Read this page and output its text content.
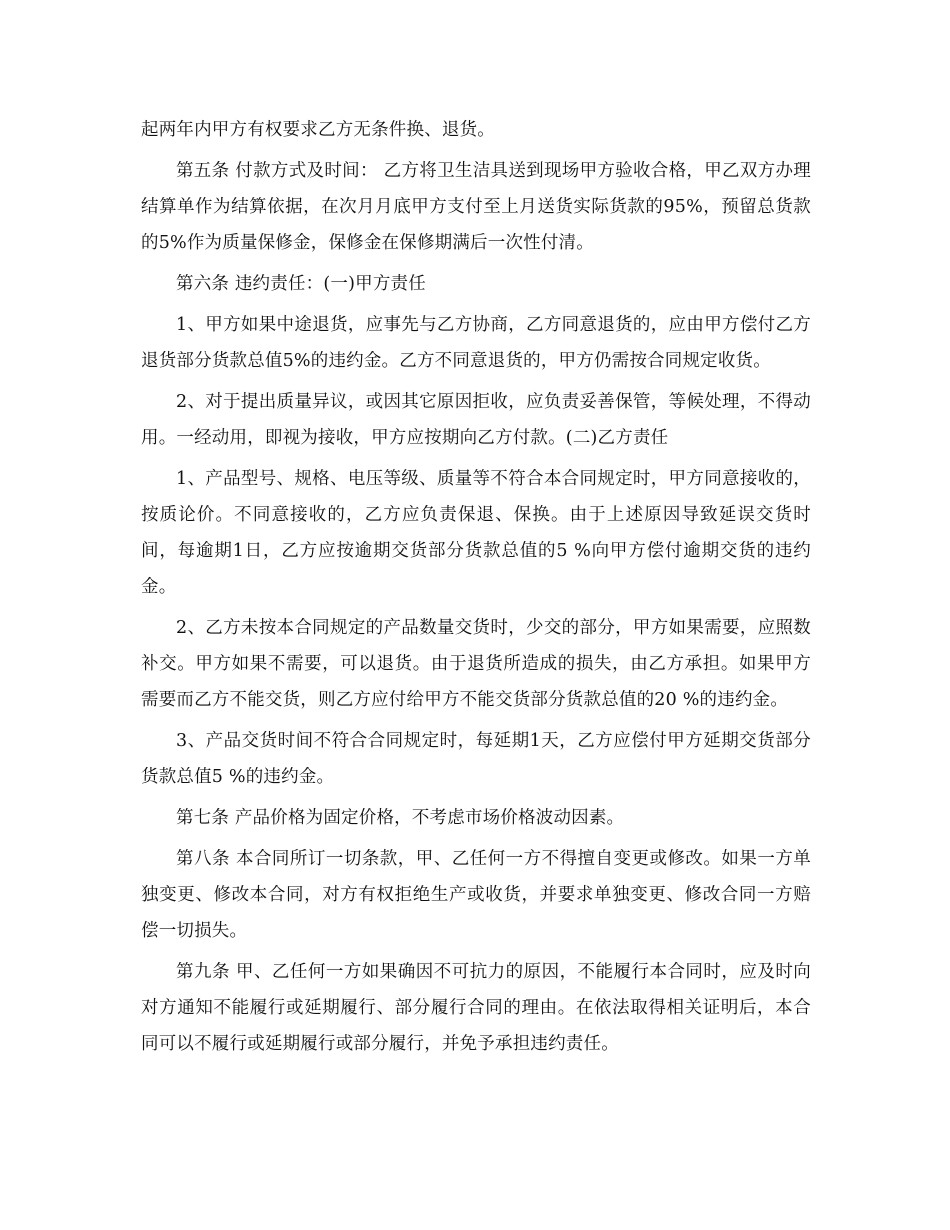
起两年内甲方有权要求乙方无条件换、退货。

第五条 付款方式及时间： 乙方将卫生洁具送到现场甲方验收合格，甲乙双方办理结算单作为结算依据，在次月月底甲方支付至上月送货实际货款的95%，预留总货款的5%作为质量保修金，保修金在保修期满后一次性付清。

第六条 违约责任：(一)甲方责任

1、甲方如果中途退货，应事先与乙方协商，乙方同意退货的，应由甲方偿付乙方退货部分货款总值5%的违约金。乙方不同意退货的，甲方仍需按合同规定收货。

2、对于提出质量异议，或因其它原因拒收，应负责妥善保管，等候处理，不得动用。一经动用，即视为接收，甲方应按期向乙方付款。(二)乙方责任

1、产品型号、规格、电压等级、质量等不符合本合同规定时，甲方同意接收的，按质论价。不同意接收的，乙方应负责保退、保换。由于上述原因导致延误交货时间，每逾期1日，乙方应按逾期交货部分货款总值的5 %向甲方偿付逾期交货的违约金。

2、乙方未按本合同规定的产品数量交货时，少交的部分，甲方如果需要，应照数补交。甲方如果不需要，可以退货。由于退货所造成的损失，由乙方承担。如果甲方需要而乙方不能交货，则乙方应付给甲方不能交货部分货款总值的20 %的违约金。

3、产品交货时间不符合合同规定时，每延期1天，乙方应偿付甲方延期交货部分货款总值5 %的违约金。

第七条 产品价格为固定价格，不考虑市场价格波动因素。

第八条 本合同所订一切条款，甲、乙任何一方不得擅自变更或修改。如果一方单独变更、修改本合同，对方有权拒绝生产或收货，并要求单独变更、修改合同一方赔偿一切损失。

第九条 甲、乙任何一方如果确因不可抗力的原因，不能履行本合同时，应及时向对方通知不能履行或延期履行、部分履行合同的理由。在依法取得相关证明后，本合同可以不履行或延期履行或部分履行，并免予承担违约责任。
